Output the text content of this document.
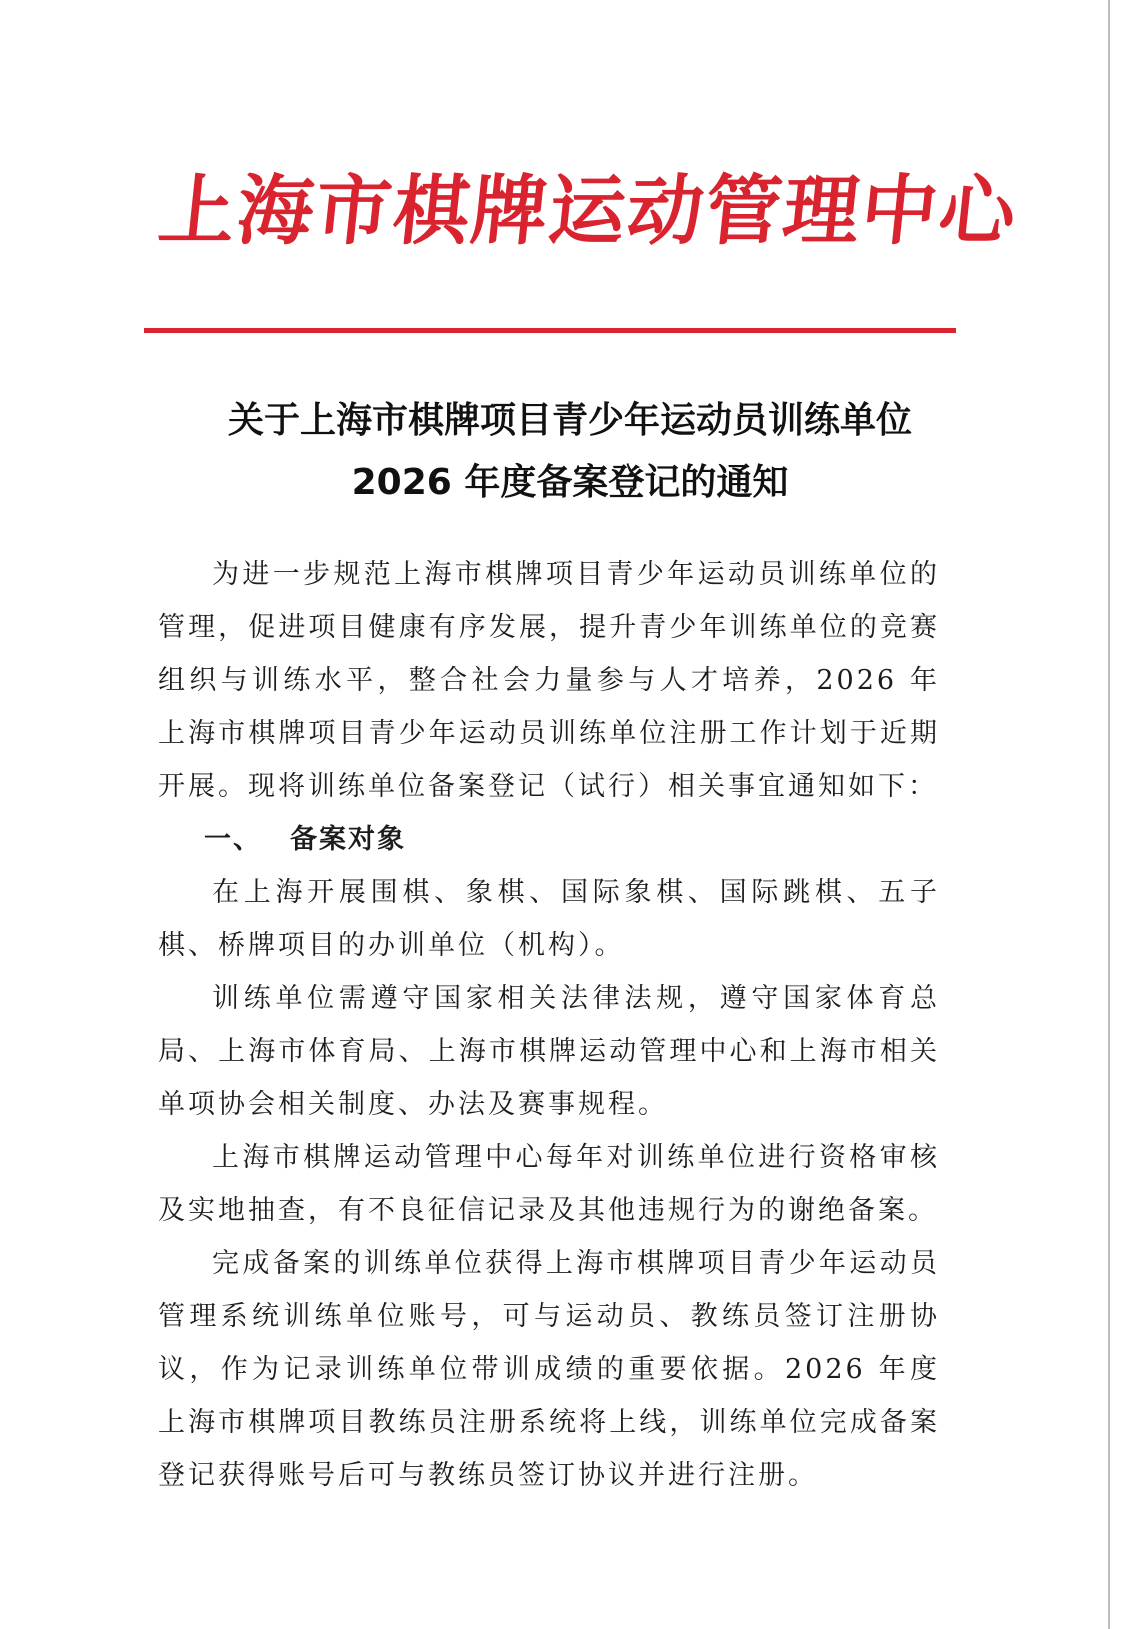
上海市棋牌运动管理中心
关于上海市棋牌项目青少年运动员训练单位
2026 年度备案登记的通知

为进一步规范上海市棋牌项目青少年运动员训练单位的管理，促进项目健康有序发展，提升青少年训练单位的竞赛组织与训练水平，整合社会力量参与人才培养，2026 年上海市棋牌项目青少年运动员训练单位注册工作计划于近期开展。现将训练单位备案登记（试行）相关事宜通知如下：

一、 备案对象

在上海开展围棋、象棋、国际象棋、国际跳棋、五子棋、桥牌项目的办训单位（机构）。

训练单位需遵守国家相关法律法规，遵守国家体育总局、上海市体育局、上海市棋牌运动管理中心和上海市相关单项协会相关制度、办法及赛事规程。

上海市棋牌运动管理中心每年对训练单位进行资格审核及实地抽查，有不良征信记录及其他违规行为的谢绝备案。

完成备案的训练单位获得上海市棋牌项目青少年运动员管理系统训练单位账号，可与运动员、教练员签订注册协议，作为记录训练单位带训成绩的重要依据。2026 年度上海市棋牌项目教练员注册系统将上线，训练单位完成备案登记获得账号后可与教练员签订协议并进行注册。
